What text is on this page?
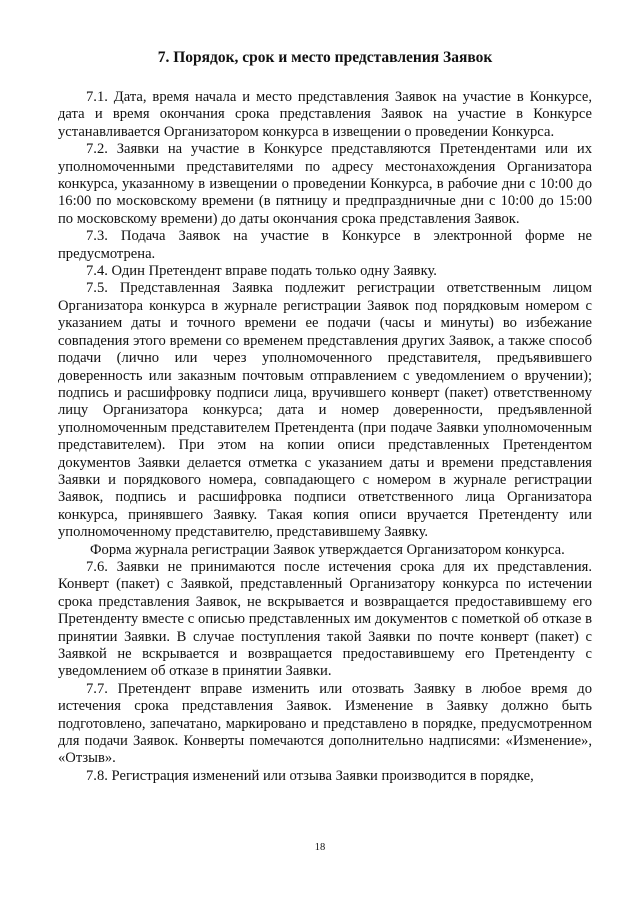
7. Порядок, срок и место представления Заявок

7.1. Дата, время начала и место представления Заявок на участие в Конкурсе, дата и время окончания срока представления Заявок на участие в Конкурсе устанавливается Организатором конкурса в извещении о проведении Конкурса.

7.2. Заявки на участие в Конкурсе представляются Претендентами или их уполномоченными представителями по адресу местонахождения Организатора конкурса, указанному в извещении о проведении Конкурса, в рабочие дни с 10:00 до 16:00 по московскому времени (в пятницу и предпраздничные дни с 10:00 до 15:00 по московскому времени) до даты окончания срока представления Заявок.

7.3. Подача Заявок на участие в Конкурсе в электронной форме не предусмотрена.

7.4. Один Претендент вправе подать только одну Заявку.

7.5. Представленная Заявка подлежит регистрации ответственным лицом Организатора конкурса в журнале регистрации Заявок под порядковым номером с указанием даты и точного времени ее подачи (часы и минуты) во избежание совпадения этого времени со временем представления других Заявок, а также способ подачи (лично или через уполномоченного представителя, предъявившего доверенность или заказным почтовым отправлением с уведомлением о вручении); подпись и расшифровку подписи лица, вручившего конверт (пакет) ответственному лицу Организатора конкурса; дата и номер доверенности, предъявленной уполномоченным представителем Претендента (при подаче Заявки уполномоченным представителем). При этом на копии описи представленных Претендентом документов Заявки делается отметка с указанием даты и времени представления Заявки и порядкового номера, совпадающего с номером в журнале регистрации Заявок, подпись и расшифровка подписи ответственного лица Организатора конкурса, принявшего Заявку. Такая копия описи вручается Претенденту или уполномоченному представителю, представившему Заявку.

Форма журнала регистрации Заявок утверждается Организатором конкурса.

7.6. Заявки не принимаются после истечения срока для их представления. Конверт (пакет) с Заявкой, представленный Организатору конкурса по истечении срока представления Заявок, не вскрывается и возвращается предоставившему его Претенденту вместе с описью представленных им документов с пометкой об отказе в принятии Заявки. В случае поступления такой Заявки по почте конверт (пакет) с Заявкой не вскрывается и возвращается предоставившему его Претенденту с уведомлением об отказе в принятии Заявки.

7.7. Претендент вправе изменить или отозвать Заявку в любое время до истечения срока представления Заявок. Изменение в Заявку должно быть подготовлено, запечатано, маркировано и представлено в порядке, предусмотренном для подачи Заявок. Конверты помечаются дополнительно надписями: «Изменение», «Отзыв».

7.8. Регистрация изменений или отзыва Заявки производится в порядке,

18
